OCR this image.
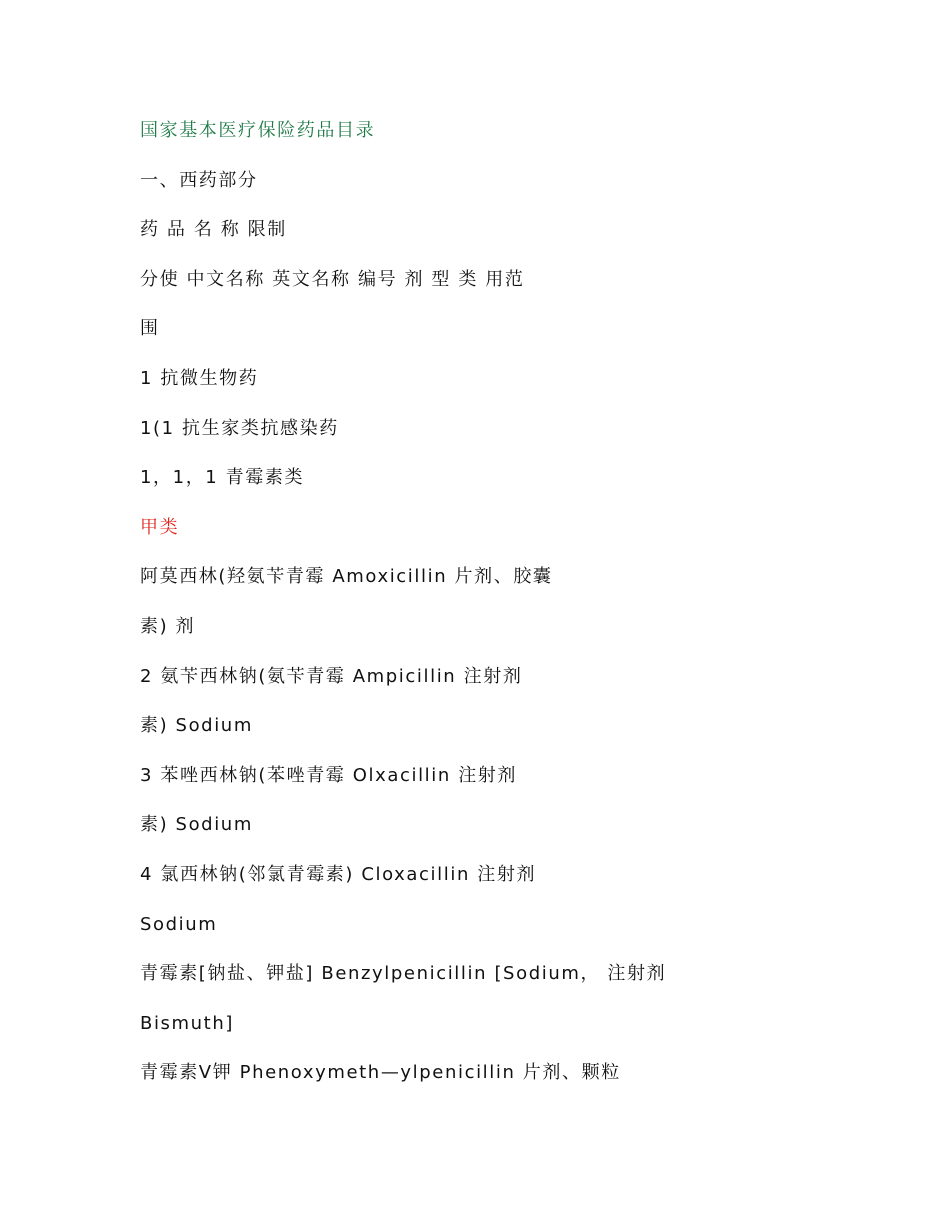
国家基本医疗保险药品目录
一、西药部分
药 品 名 称 限制
分使 中文名称 英文名称 编号 剂 型 类 用范
围
1 抗微生物药
1(1 抗生家类抗感染药
1，1，1 青霉素类
甲类
阿莫西林(羟氨苄青霉 Amoxicillin 片剂、胶囊
素) 剂
2 氨苄西林钠(氨苄青霉 Ampicillin 注射剂
素) Sodium
3 苯唑西林钠(苯唑青霉 Olxacillin 注射剂
素) Sodium
4 氯西林钠(邻氯青霉素) Cloxacillin 注射剂
Sodium
青霉素[钠盐、钾盐] Benzylpenicillin [Sodium， 注射剂
Bismuth]
青霉素Ⅴ钾 Phenoxymeth—ylpenicillin 片剂、颗粒
